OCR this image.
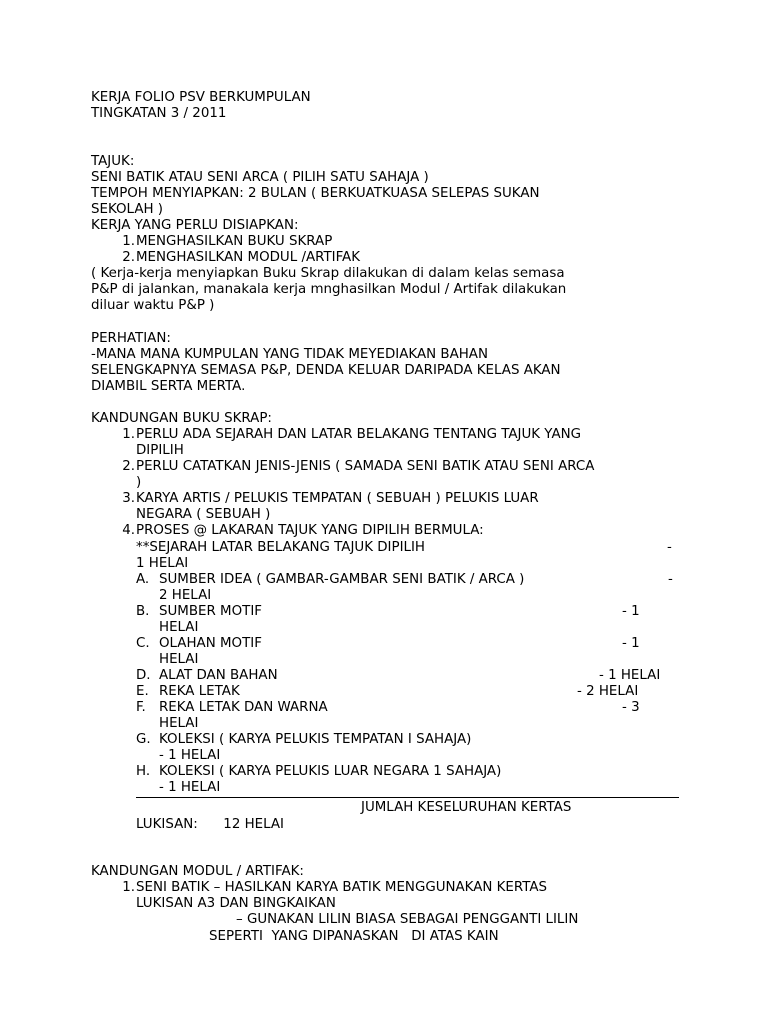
KERJA FOLIO PSV BERKUMPULAN
TINGKATAN 3 / 2011
TAJUK:
SENI BATIK ATAU SENI ARCA ( PILIH SATU SAHAJA )
TEMPOH MENYIAPKAN: 2 BULAN ( BERKUATKUASA SELEPAS SUKAN
SEKOLAH )
KERJA YANG PERLU DISIAPKAN:
1. MENGHASILKAN BUKU SKRAP
2. MENGHASILKAN MODUL /ARTIFAK
( Kerja-kerja menyiapkan Buku Skrap dilakukan di dalam kelas semasa
P&P di jalankan, manakala kerja mnghasilkan Modul / Artifak dilakukan
diluar waktu P&P )
PERHATIAN:
-MANA MANA KUMPULAN YANG TIDAK MEYEDIAKAN BAHAN
SELENGKAPNYA SEMASA P&P, DENDA KELUAR DARIPADA KELAS AKAN
DIAMBIL SERTA MERTA.
KANDUNGAN BUKU SKRAP:
1. PERLU ADA SEJARAH DAN LATAR BELAKANG TENTANG TAJUK YANG
DIPILIH
2. PERLU CATATKAN JENIS-JENIS ( SAMADA SENI BATIK ATAU SENI ARCA
)
3. KARYA ARTIS / PELUKIS TEMPATAN ( SEBUAH ) PELUKIS LUAR
NEGARA ( SEBUAH )
4. PROSES @ LAKARAN TAJUK YANG DIPILIH BERMULA:
**SEJARAH LATAR BELAKANG TAJUK DIPILIH	-
1 HELAI
A. SUMBER IDEA ( GAMBAR-GAMBAR SENI BATIK / ARCA )	-
2 HELAI
B. SUMBER MOTIF	- 1
HELAI
C. OLAHAN MOTIF	- 1
HELAI
D. ALAT DAN BAHAN	- 1 HELAI
E. REKA LETAK	- 2 HELAI
F. REKA LETAK DAN WARNA	- 3
HELAI
G. KOLEKSI ( KARYA PELUKIS TEMPATAN I SAHAJA)
- 1 HELAI
H. KOLEKSI ( KARYA PELUKIS LUAR NEGARA 1 SAHAJA)
- 1 HELAI
JUMLAH KESELURUHAN KERTAS
LUKISAN:      12 HELAI
KANDUNGAN MODUL / ARTIFAK:
1. SENI BATIK – HASILKAN KARYA BATIK MENGGUNAKAN KERTAS
LUKISAN A3 DAN BINGKAIKAN
– GUNAKAN LILIN BIASA SEBAGAI PENGGANTI LILIN
SEPERTI  YANG DIPANASKAN   DI ATAS KAIN
